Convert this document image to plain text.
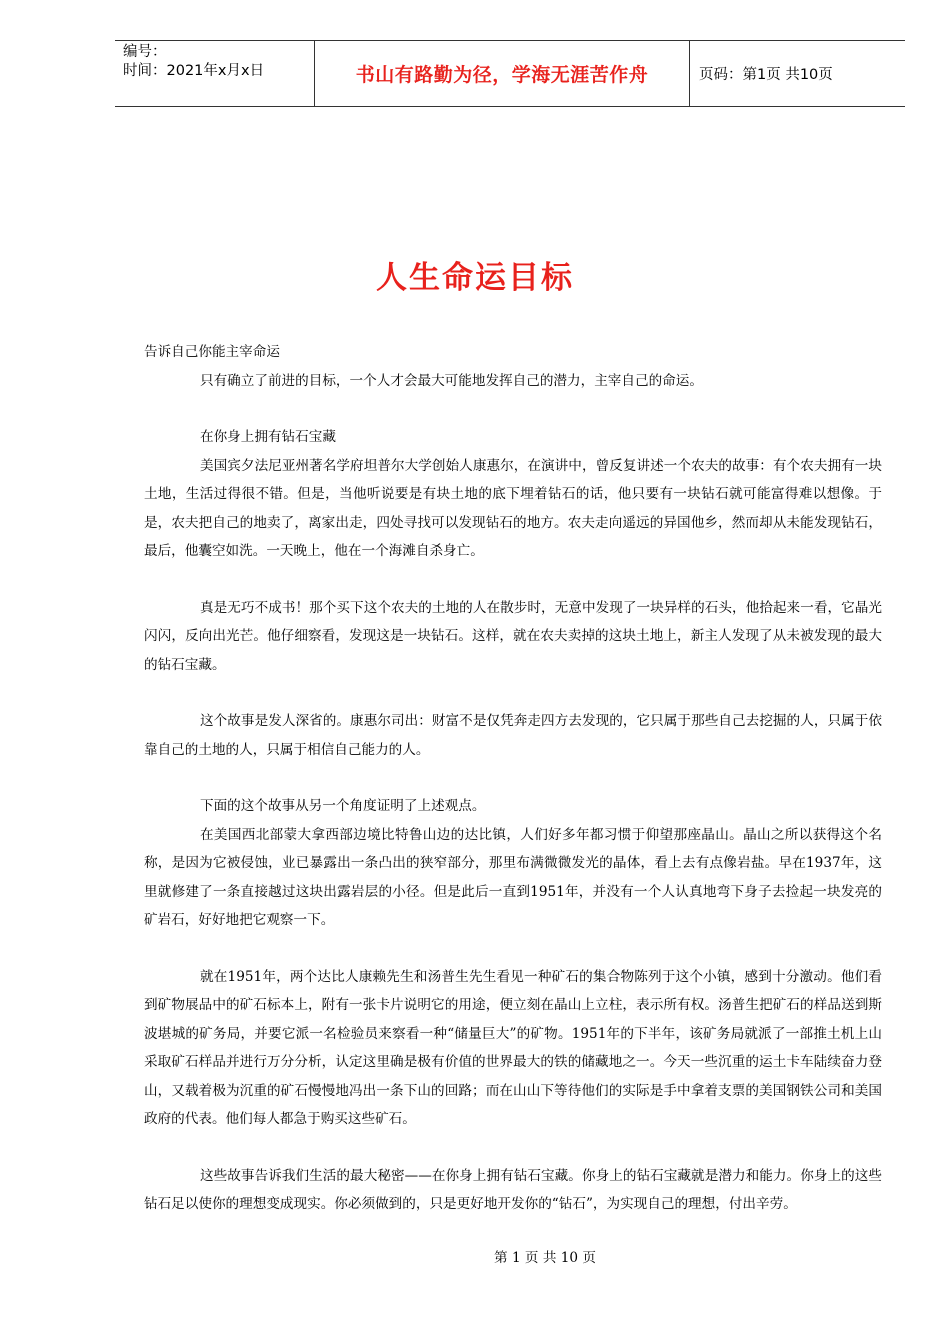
编号：
时间：2021年x月x日	书山有路勤为径，学海无涯苦作舟	页码：第1页 共10页
人生命运目标

告诉自己你能主宰命运

只有确立了前进的目标，一个人才会最大可能地发挥自己的潜力，主宰自己的命运。

在你身上拥有钻石宝藏

美国宾夕法尼亚州著名学府坦普尔大学创始人康惠尔，在演讲中，曾反复讲述一个农夫的故事：有个农夫拥有一块土地，生活过得很不错。但是，当他听说要是有块土地的底下埋着钻石的话，他只要有一块钻石就可能富得难以想像。于是，农夫把自己的地卖了，离家出走，四处寻找可以发现钻石的地方。农夫走向遥远的异国他乡，然而却从未能发现钻石，最后，他囊空如洗。一天晚上，他在一个海滩自杀身亡。

真是无巧不成书！那个买下这个农夫的土地的人在散步时，无意中发现了一块异样的石头，他拾起来一看，它晶光闪闪，反向出光芒。他仔细察看，发现这是一块钻石。这样，就在农夫卖掉的这块土地上，新主人发现了从未被发现的最大的钻石宝藏。

这个故事是发人深省的。康惠尔司出：财富不是仅凭奔走四方去发现的，它只属于那些自己去挖掘的人，只属于依靠自己的土地的人，只属于相信自己能力的人。

下面的这个故事从另一个角度证明了上述观点。

在美国西北部蒙大拿西部边境比特鲁山边的达比镇，人们好多年都习惯于仰望那座晶山。晶山之所以获得这个名称，是因为它被侵蚀，业已暴露出一条凸出的狭窄部分，那里布满微微发光的晶体，看上去有点像岩盐。早在1937年，这里就修建了一条直接越过这块出露岩层的小径。但是此后一直到1951年，并没有一个人认真地弯下身子去捡起一块发亮的矿岩石，好好地把它观察一下。

就在1951年，两个达比人康赖先生和汤普生先生看见一种矿石的集合物陈列于这个小镇，感到十分激动。他们看到矿物展品中的矿石标本上，附有一张卡片说明它的用途，便立刻在晶山上立柱，表示所有权。汤普生把矿石的样品送到斯波堪城的矿务局，并要它派一名检验员来察看一种“储量巨大”的矿物。1951年的下半年，该矿务局就派了一部推土机上山采取矿石样品并进行万分分析，认定这里确是极有价值的世界最大的铁的储藏地之一。今天一些沉重的运土卡车陆续奋力登山，又载着极为沉重的矿石慢慢地冯出一条下山的回路；而在山山下等待他们的实际是手中拿着支票的美国钢铁公司和美国政府的代表。他们每人都急于购买这些矿石。

这些故事告诉我们生活的最大秘密——在你身上拥有钻石宝藏。你身上的钻石宝藏就是潜力和能力。你身上的这些钻石足以使你的理想变成现实。你必须做到的，只是更好地开发你的“钻石”，为实现自己的理想，付出辛劳。

第 1 页 共 10 页
